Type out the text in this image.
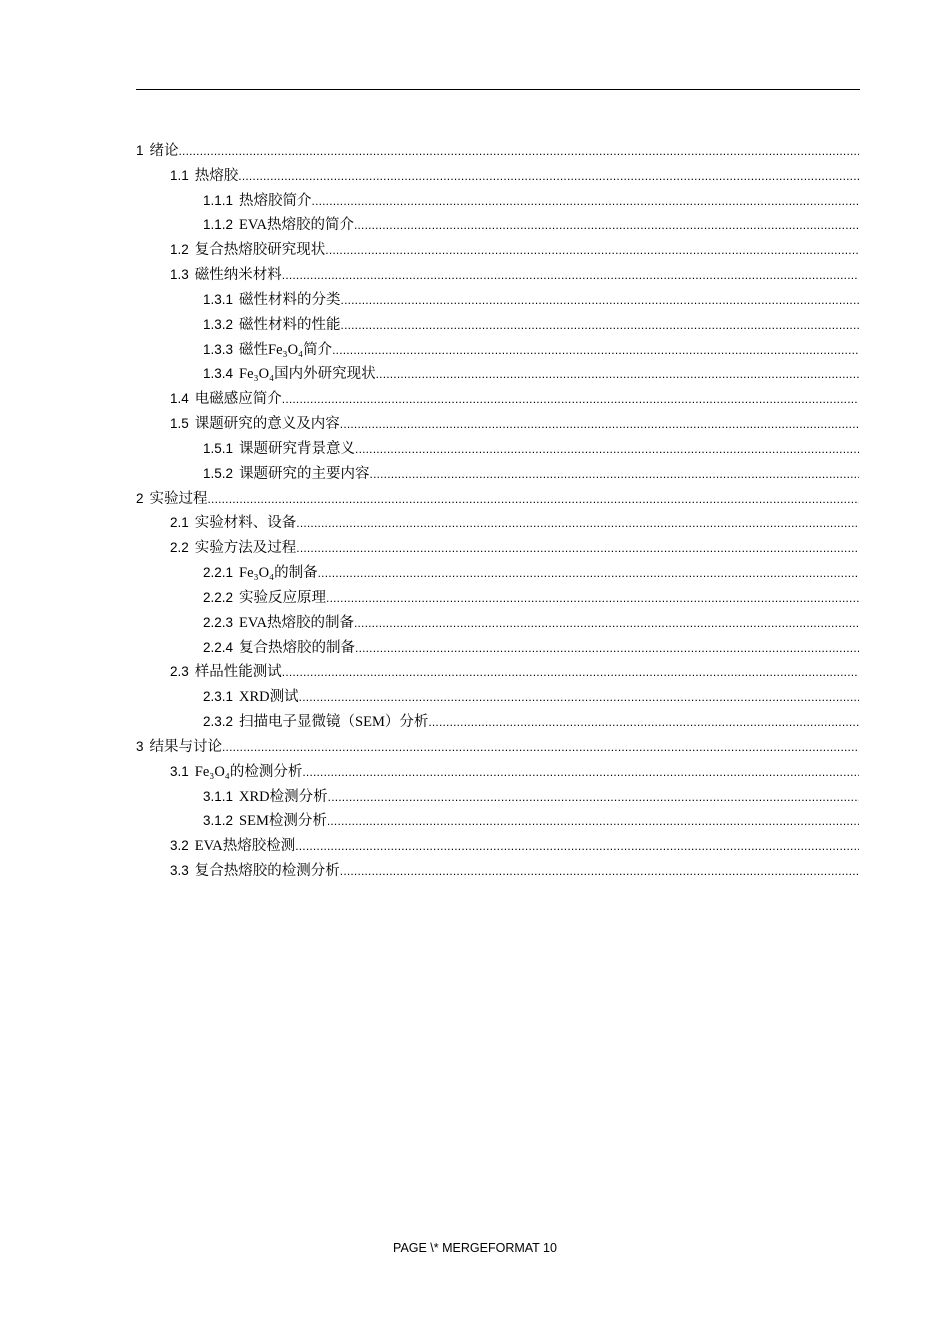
1 绪论
.....
1.1 热熔胶
.....
1.1.1 热熔胶简介
.....
1.1.2 EVA热熔胶的简介
.....
1.2 复合热熔胶研究现状
.....
1.3 磁性纳米材料
.....
1.3.1 磁性材料的分类
.....
1.3.2 磁性材料的性能
.....
1.3.3 磁性Fe₃O₄简介
.....
1.3.4 Fe₃O₄国内外研究现状
.....
1.4 电磁感应简介
.....
1.5 课题研究的意义及内容
.....
1.5.1 课题研究背景意义
.....
1.5.2 课题研究的主要内容
.....
2 实验过程
.....
2.1 实验材料、设备
.....
2.2 实验方法及过程
.....
2.2.1 Fe₃O₄的制备
.....
2.2.2 实验反应原理
.....
2.2.3 EVA热熔胶的制备
.....
2.2.4 复合热熔胶的制备
.....
2.3 样品性能测试
.....
2.3.1 XRD测试
.....
2.3.2 扫描电子显微镜（SEM）分析
.....
3 结果与讨论
.....
3.1 Fe₃O₄的检测分析
.....
3.1.1 XRD检测分析
.....
3.1.2 SEM检测分析
.....
3.2 EVA热熔胶检测
.....
3.3 复合热熔胶的检测分析
.....
PAGE \* MERGEFORMAT 10
